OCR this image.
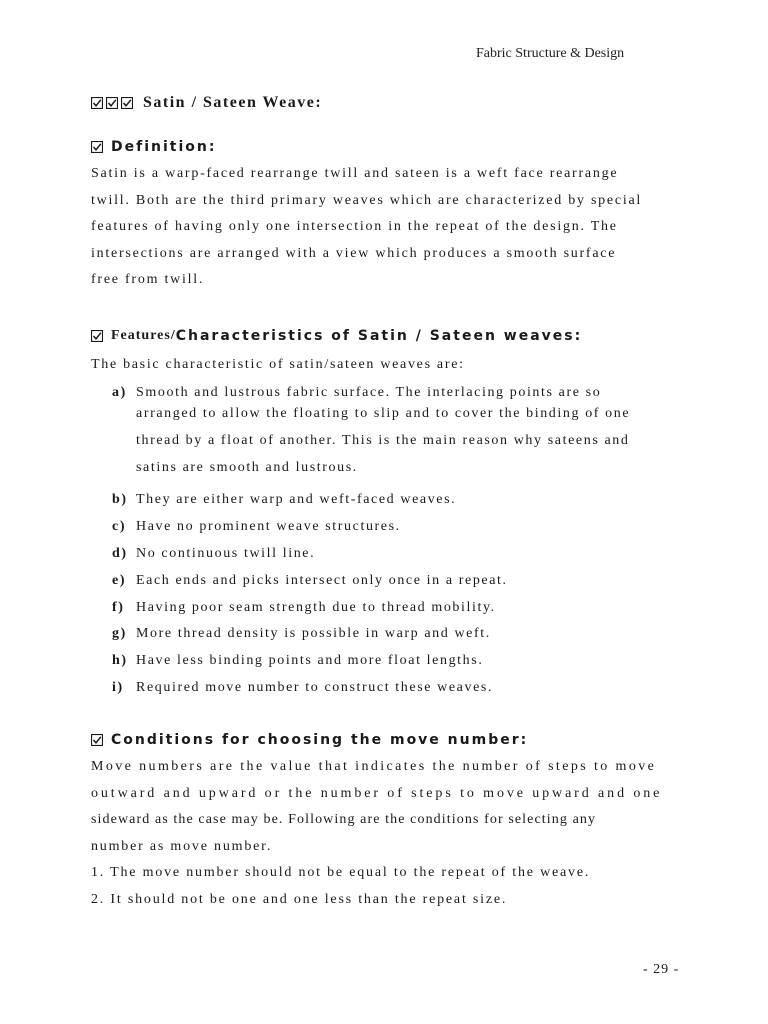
Fabric Structure & Design
Satin / Sateen Weave:
Definition:
Satin is a warp-faced rearrange twill and sateen is a weft face rearrange
twill. Both are the third primary weaves which are characterized by special
features of having only one intersection in the repeat of the design. The
intersections are arranged with a view which produces a smooth surface
free from twill.
Features/ Characteristics of Satin / Sateen weaves:
The basic characteristic of satin/sateen weaves are:
a) Smooth and lustrous fabric surface. The interlacing points are so
arranged to allow the floating to slip and to cover the binding of one
thread by a float of another. This is the main reason why sateens and
satins are smooth and lustrous.
b) They are either warp and weft-faced weaves.
c) Have no prominent weave structures.
d) No continuous twill line.
e) Each ends and picks intersect only once in a repeat.
f) Having poor seam strength due to thread mobility.
g) More thread density is possible in warp and weft.
h) Have less binding points and more float lengths.
i) Required move number to construct these weaves.
Conditions for choosing the move number:
Move numbers are the value that indicates the number of steps to move
outward and upward or the number of steps to move upward and one
sideward as the case may be. Following are the conditions for selecting any
number as move number.
1. The move number should not be equal to the repeat of the weave.
2. It should not be one and one less than the repeat size.
- 29 -
